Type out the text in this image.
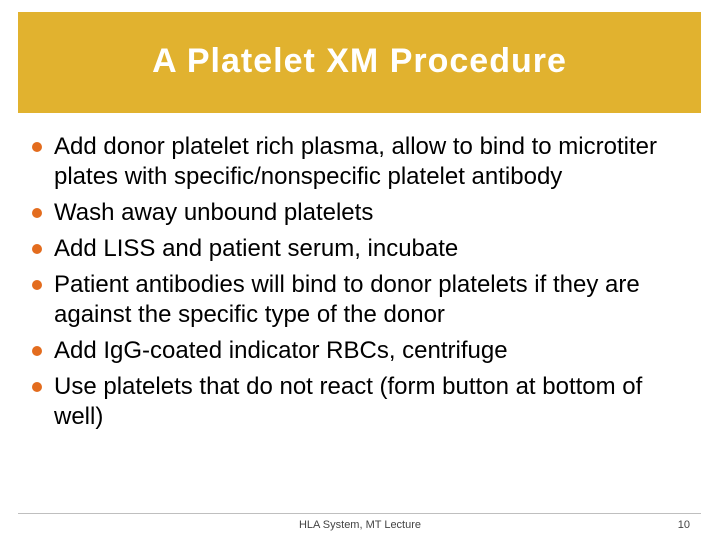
A Platelet XM Procedure
Add donor platelet rich plasma, allow to bind to microtiter plates with specific/nonspecific platelet antibody
Wash away unbound platelets
Add LISS and patient serum, incubate
Patient antibodies will bind to donor platelets if they are against the specific type of the donor
Add IgG-coated indicator RBCs, centrifuge
Use platelets that do not react (form button at bottom of well)
HLA System, MT Lecture	10
